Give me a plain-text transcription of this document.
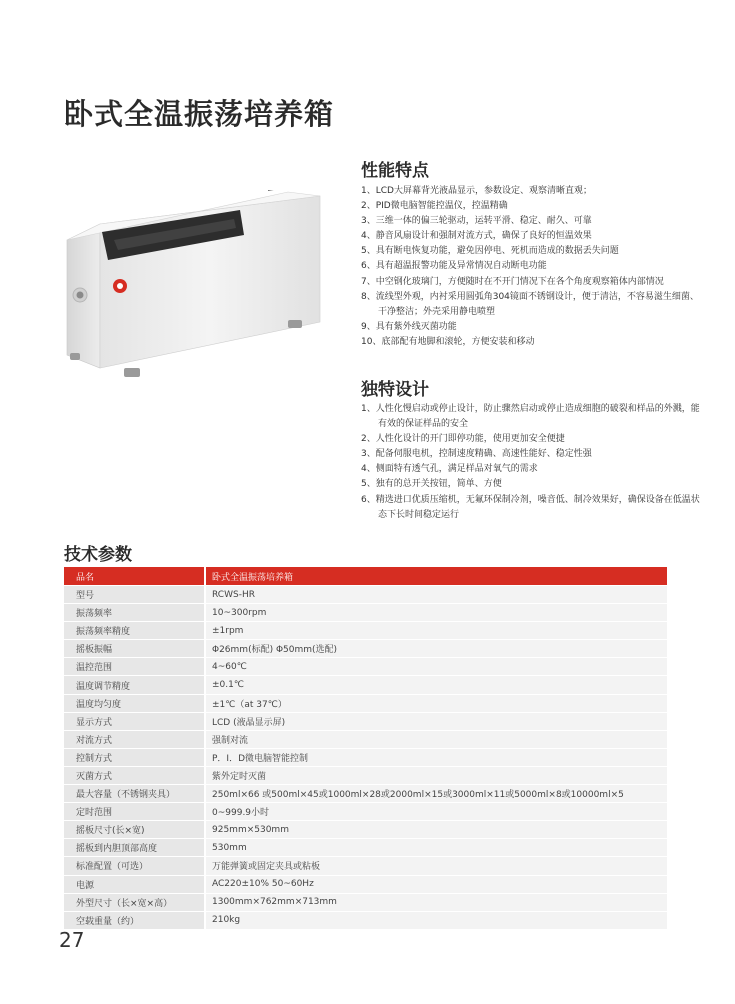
卧式全温振荡培养箱
性能特点
1、LCD大屏幕背光液晶显示，参数设定、观察清晰直观；
2、PID微电脑智能控温仪，控温精确
3、三维一体的偏三轮驱动，运转平滑、稳定、耐久、可靠
4、静音风扇设计和强制对流方式，确保了良好的恒温效果
5、具有断电恢复功能，避免因停电、死机而造成的数据丢失问题
6、具有超温报警功能及异常情况自动断电功能
7、中空钢化玻璃门，方便随时在不开门情况下在各个角度观察箱体内部情况
8、流线型外观，内衬采用圆弧角304镜面不锈钢设计，便于清洁，不容易滋生细菌、干净整洁；外壳采用静电喷塑
9、具有紫外线灭菌功能
10、底部配有地脚和滚轮，方便安装和移动
独特设计
1、人性化慢启动或停止设计，防止骤然启动或停止造成细胞的破裂和样品的外溅，能有效的保证样品的安全
2、人性化设计的开门即停功能，使用更加安全便捷
3、配备伺服电机，控制速度精确、高速性能好、稳定性强
4、侧面特有透气孔，满足样品对氧气的需求
5、独有的总开关按钮，简单、方便
6、精选进口优质压缩机，无氟环保制冷剂，噪音低、制冷效果好，确保设备在低温状态下长时间稳定运行
技术参数
品名	卧式全温振荡培养箱
型号	RCWS-HR
振荡频率	10~300rpm
振荡频率精度	±1rpm
摇板振幅	Φ26mm(标配) Φ50mm(选配)
温控范围	4~60℃
温度调节精度	±0.1℃
温度均匀度	±1℃（at 37℃）
显示方式	LCD (液晶显示屏)
对流方式	强制对流
控制方式	P．I．D微电脑智能控制
灭菌方式	紫外定时灭菌
最大容量（不锈钢夹具）	250ml×66 或500ml×45或1000ml×28或2000ml×15或3000ml×11或5000ml×8或10000ml×5
定时范围	0~999.9小时
摇板尺寸(长×宽)	925mm×530mm
摇板到内胆顶部高度	530mm
标准配置（可选）	万能弹簧或固定夹具或粘板
电源	AC220±10% 50~60Hz
外型尺寸（长×宽×高）	1300mm×762mm×713mm
空载重量（约）	210kg
27
